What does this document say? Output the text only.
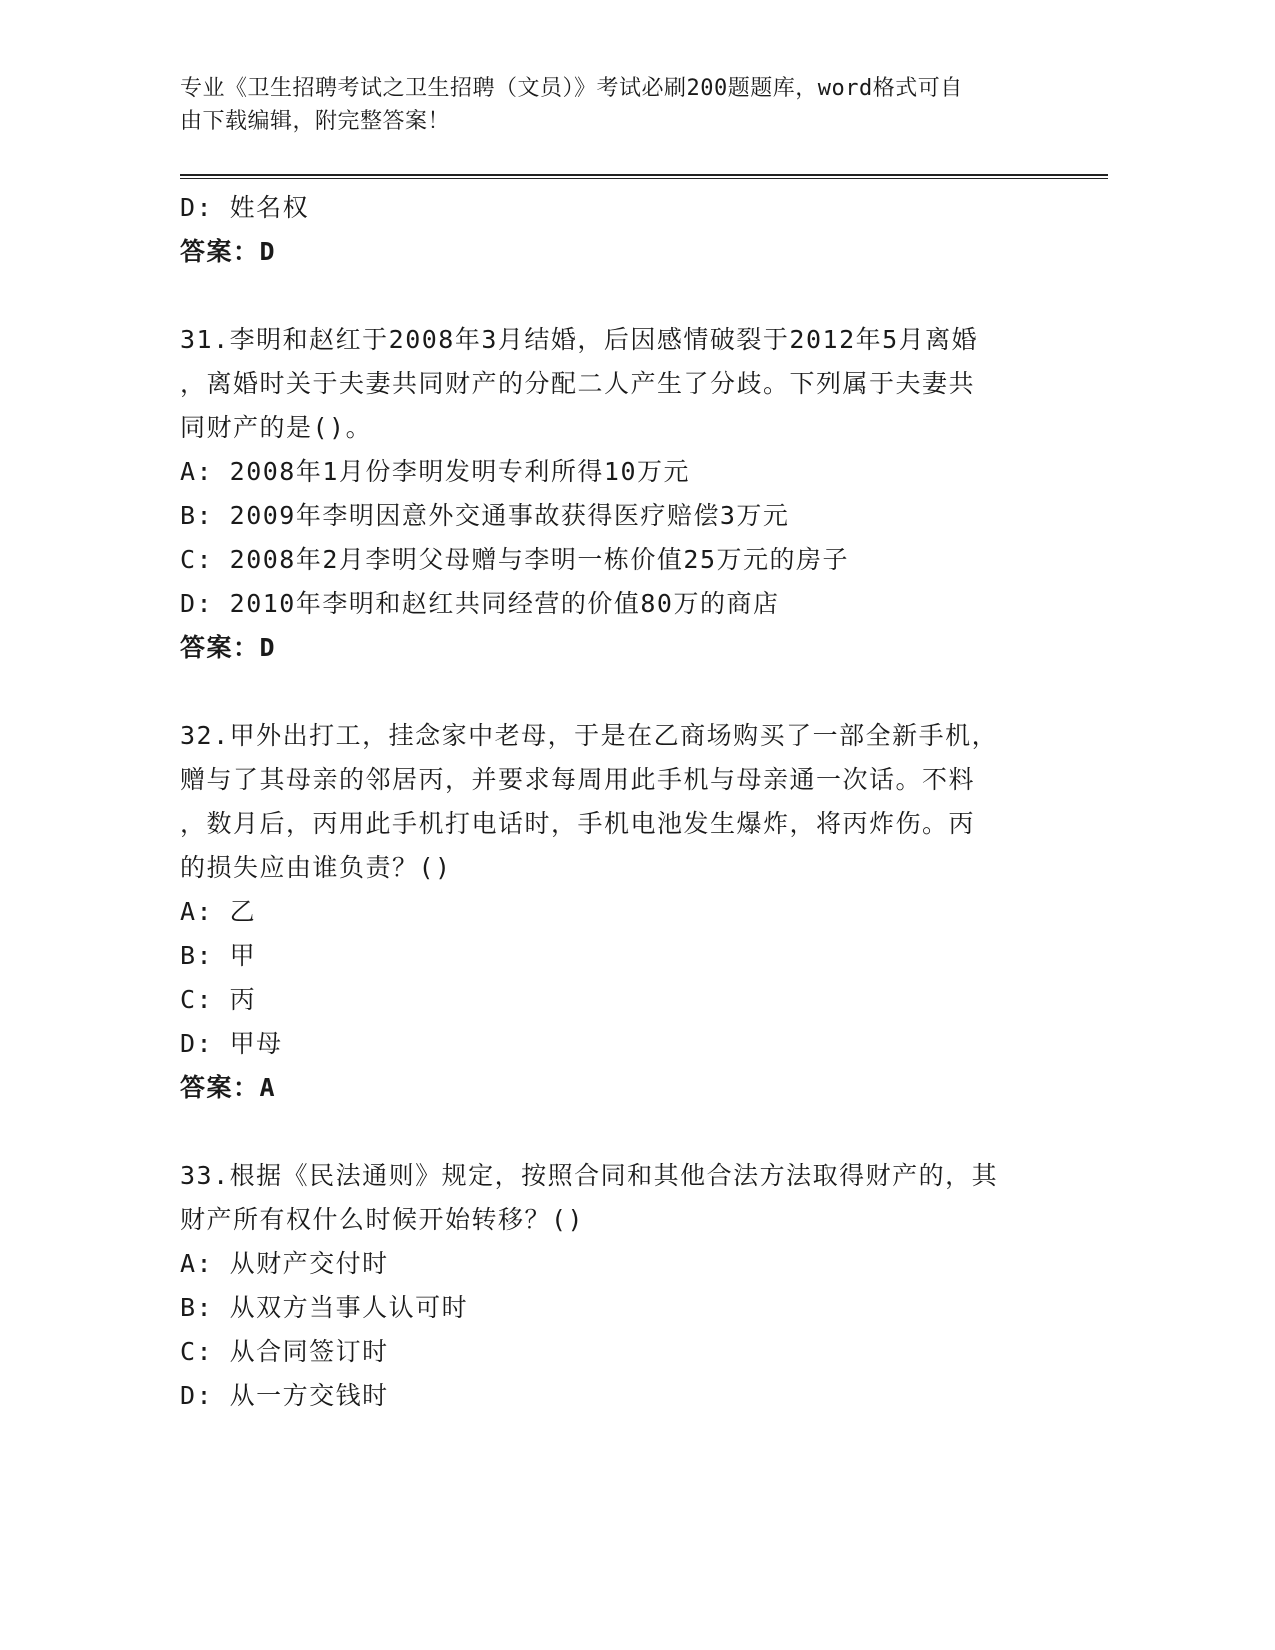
专业《卫生招聘考试之卫生招聘（文员）》考试必刷200题题库，word格式可自
由下载编辑，附完整答案！
D: 姓名权
答案：D
31.李明和赵红于2008年3月结婚，后因感情破裂于2012年5月离婚
，离婚时关于夫妻共同财产的分配二人产生了分歧。下列属于夫妻共
同财产的是()。
A: 2008年1月份李明发明专利所得10万元
B: 2009年李明因意外交通事故获得医疗赔偿3万元
C: 2008年2月李明父母赠与李明一栋价值25万元的房子
D: 2010年李明和赵红共同经营的价值80万的商店
答案：D
32.甲外出打工，挂念家中老母，于是在乙商场购买了一部全新手机，
赠与了其母亲的邻居丙，并要求每周用此手机与母亲通一次话。不料
，数月后，丙用此手机打电话时，手机电池发生爆炸，将丙炸伤。丙
的损失应由谁负责？()
A: 乙
B: 甲
C: 丙
D: 甲母
答案：A
33.根据《民法通则》规定，按照合同和其他合法方法取得财产的，其
财产所有权什么时候开始转移？()
A: 从财产交付时
B: 从双方当事人认可时
C: 从合同签订时
D: 从一方交钱时
